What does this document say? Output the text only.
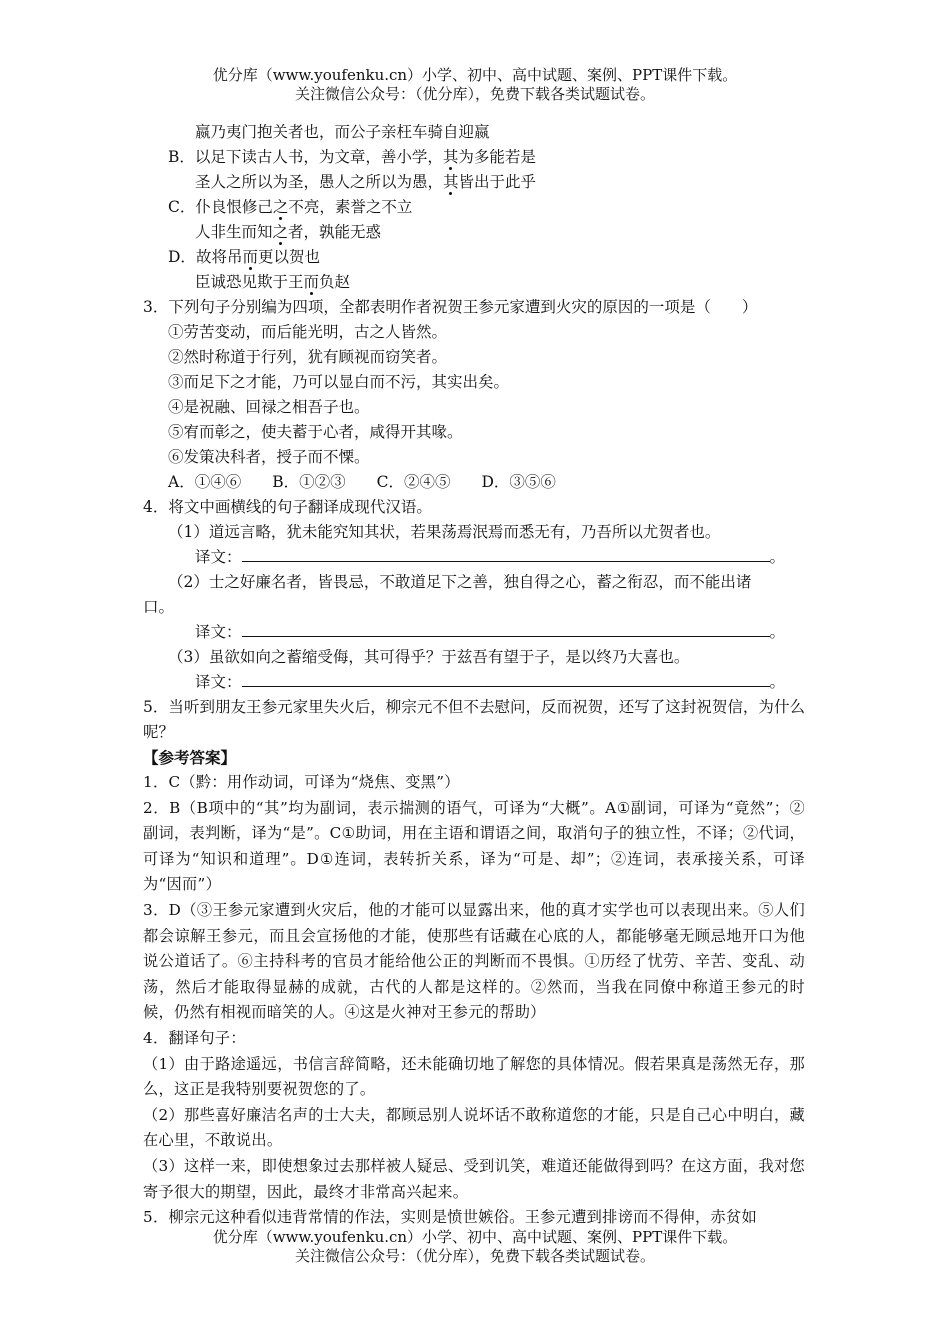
优分库（www.youfenku.cn）小学、初中、高中试题、案例、PPT课件下载。
关注微信公众号：（优分库），免费下载各类试题试卷。
嬴乃夷门抱关者也，而公子亲枉车骑自迎嬴
B．以足下读古人书，为文章，善小学，其为多能若是
圣人之所以为圣，愚人之所以为愚，其皆出于此乎
C．仆良恨修己之不亮，素誉之不立
人非生而知之者，孰能无惑
D．故将吊而更以贺也
臣诚恐见欺于王而负赵
3．下列句子分别编为四项，全都表明作者祝贺王参元家遭到火灾的原因的一项是（　　）
①劳苦变动，而后能光明，古之人皆然。
②然时称道于行列，犹有顾视而窃笑者。
③而足下之才能，乃可以显白而不污，其实出矣。
④是祝融、回禄之相吾子也。
⑤宥而彰之，使夫蓄于心者，咸得开其喙。
⑥发策决科者，授子而不慄。
A．①④⑥　　B．①②③　　C．②④⑤　　D．③⑤⑥
4．将文中画横线的句子翻译成现代汉语。
（1）道远言略，犹未能究知其状，若果荡焉泯焉而悉无有，乃吾所以尤贺者也。
译文：	。
（2）士之好廉名者，皆畏忌，不敢道足下之善，独自得之心，蓄之衔忍，而不能出诸
口。
译文：	。
（3）虽欲如向之蓄缩受侮，其可得乎？于兹吾有望于子，是以终乃大喜也。
译文：	。
5．当听到朋友王参元家里失火后，柳宗元不但不去慰问，反而祝贺，还写了这封祝贺信，为什么呢？
【参考答案】
1．C（黔：用作动词，可译为“烧焦、变黑”）
2．B（B项中的“其”均为副词，表示揣测的语气，可译为“大概”。A①副词，可译为“竟然”；②副词，表判断，译为“是”。C①助词，用在主语和谓语之间，取消句子的独立性，不译；②代词，可译为“知识和道理”。D①连词，表转折关系，译为“可是、却”；②连词，表承接关系，可译为“因而”）
3．D（③王参元家遭到火灾后，他的才能可以显露出来，他的真才实学也可以表现出来。⑤人们都会谅解王参元，而且会宣扬他的才能，使那些有话藏在心底的人，都能够毫无顾忌地开口为他说公道话了。⑥主持科考的官员才能给他公正的判断而不畏惧。①历经了忧劳、辛苦、变乱、动荡，然后才能取得显赫的成就，古代的人都是这样的。②然而，当我在同僚中称道王参元的时候，仍然有相视而暗笑的人。④这是火神对王参元的帮助）
4．翻译句子：
（1）由于路途遥远，书信言辞简略，还未能确切地了解您的具体情况。假若果真是荡然无存，那么，这正是我特别要祝贺您的了。
（2）那些喜好廉洁名声的士大夫，都顾忌别人说坏话不敢称道您的才能，只是自己心中明白，藏在心里，不敢说出。
（3）这样一来，即使想象过去那样被人疑忌、受到讥笑，难道还能做得到吗？在这方面，我对您寄予很大的期望，因此，最终才非常高兴起来。
5．柳宗元这种看似违背常情的作法，实则是愤世嫉俗。王参元遭到排谤而不得伸，赤贫如
优分库（www.youfenku.cn）小学、初中、高中试题、案例、PPT课件下载。
关注微信公众号：（优分库），免费下载各类试题试卷。
